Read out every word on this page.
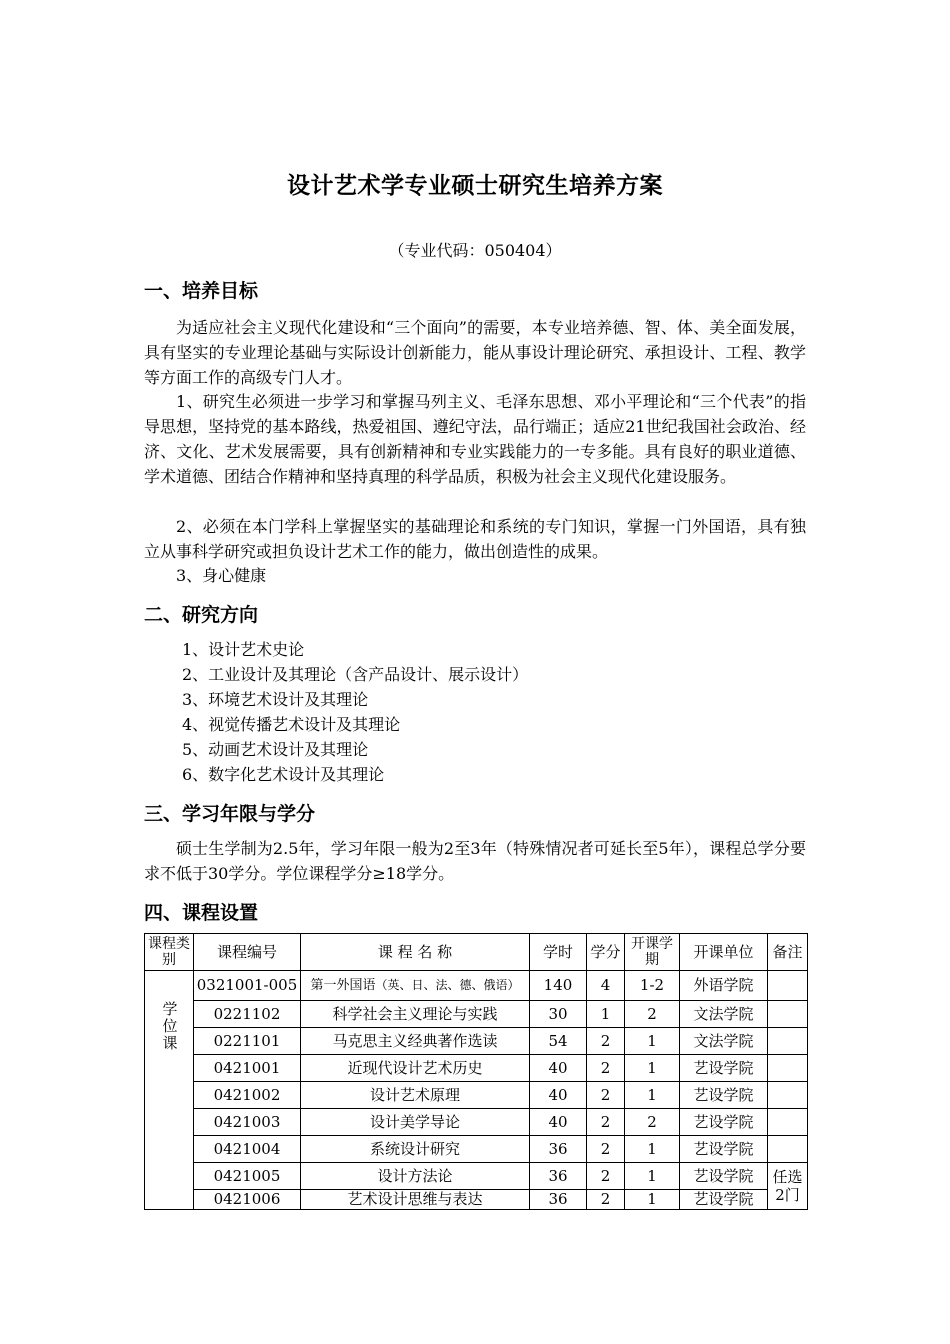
设计艺术学专业硕士研究生培养方案
（专业代码：050404）
一、培养目标
为适应社会主义现代化建设和“三个面向”的需要，本专业培养德、智、体、美全面发展，具有坚实的专业理论基础与实际设计创新能力，能从事设计理论研究、承担设计、工程、教学等方面工作的高级专门人才。
1、研究生必须进一步学习和掌握马列主义、毛泽东思想、邓小平理论和“三个代表”的指导思想，坚持党的基本路线，热爱祖国、遵纪守法，品行端正；适应21世纪我国社会政治、经济、文化、艺术发展需要，具有创新精神和专业实践能力的一专多能。具有良好的职业道德、学术道德、团结合作精神和坚持真理的科学品质，积极为社会主义现代化建设服务。
2、必须在本门学科上掌握坚实的基础理论和系统的专门知识，掌握一门外国语，具有独立从事科学研究或担负设计艺术工作的能力，做出创造性的成果。
3、身心健康
二、研究方向
1、设计艺术史论
2、工业设计及其理论（含产品设计、展示设计）
3、环境艺术设计及其理论
4、视觉传播艺术设计及其理论
5、动画艺术设计及其理论
6、数字化艺术设计及其理论
三、学习年限与学分
硕士生学制为2.5年，学习年限一般为2至3年（特殊情况者可延长至5年），课程总学分要求不低于30学分。学位课程学分≥18学分。
四、课程设置
课程类别	课程编号	课 程 名 称	学时	学分	开课学期	开课单位	备注
学位课	0321001-005	第一外国语（英、日、法、德、俄语）	140	4	1-2	外语学院	
	0221102	科学社会主义理论与实践	30	1	2	文法学院	
	0221101	马克思主义经典著作选读	54	2	1	文法学院	
	0421001	近现代设计艺术历史	40	2	1	艺设学院	
	0421002	设计艺术原理	40	2	1	艺设学院	
	0421003	设计美学导论	40	2	2	艺设学院	
	0421004	系统设计研究	36	2	1	艺设学院	
	0421005	设计方法论	36	2	1	艺设学院	任选2门
	0421006	艺术设计思维与表达	36	2	1	艺设学院	
